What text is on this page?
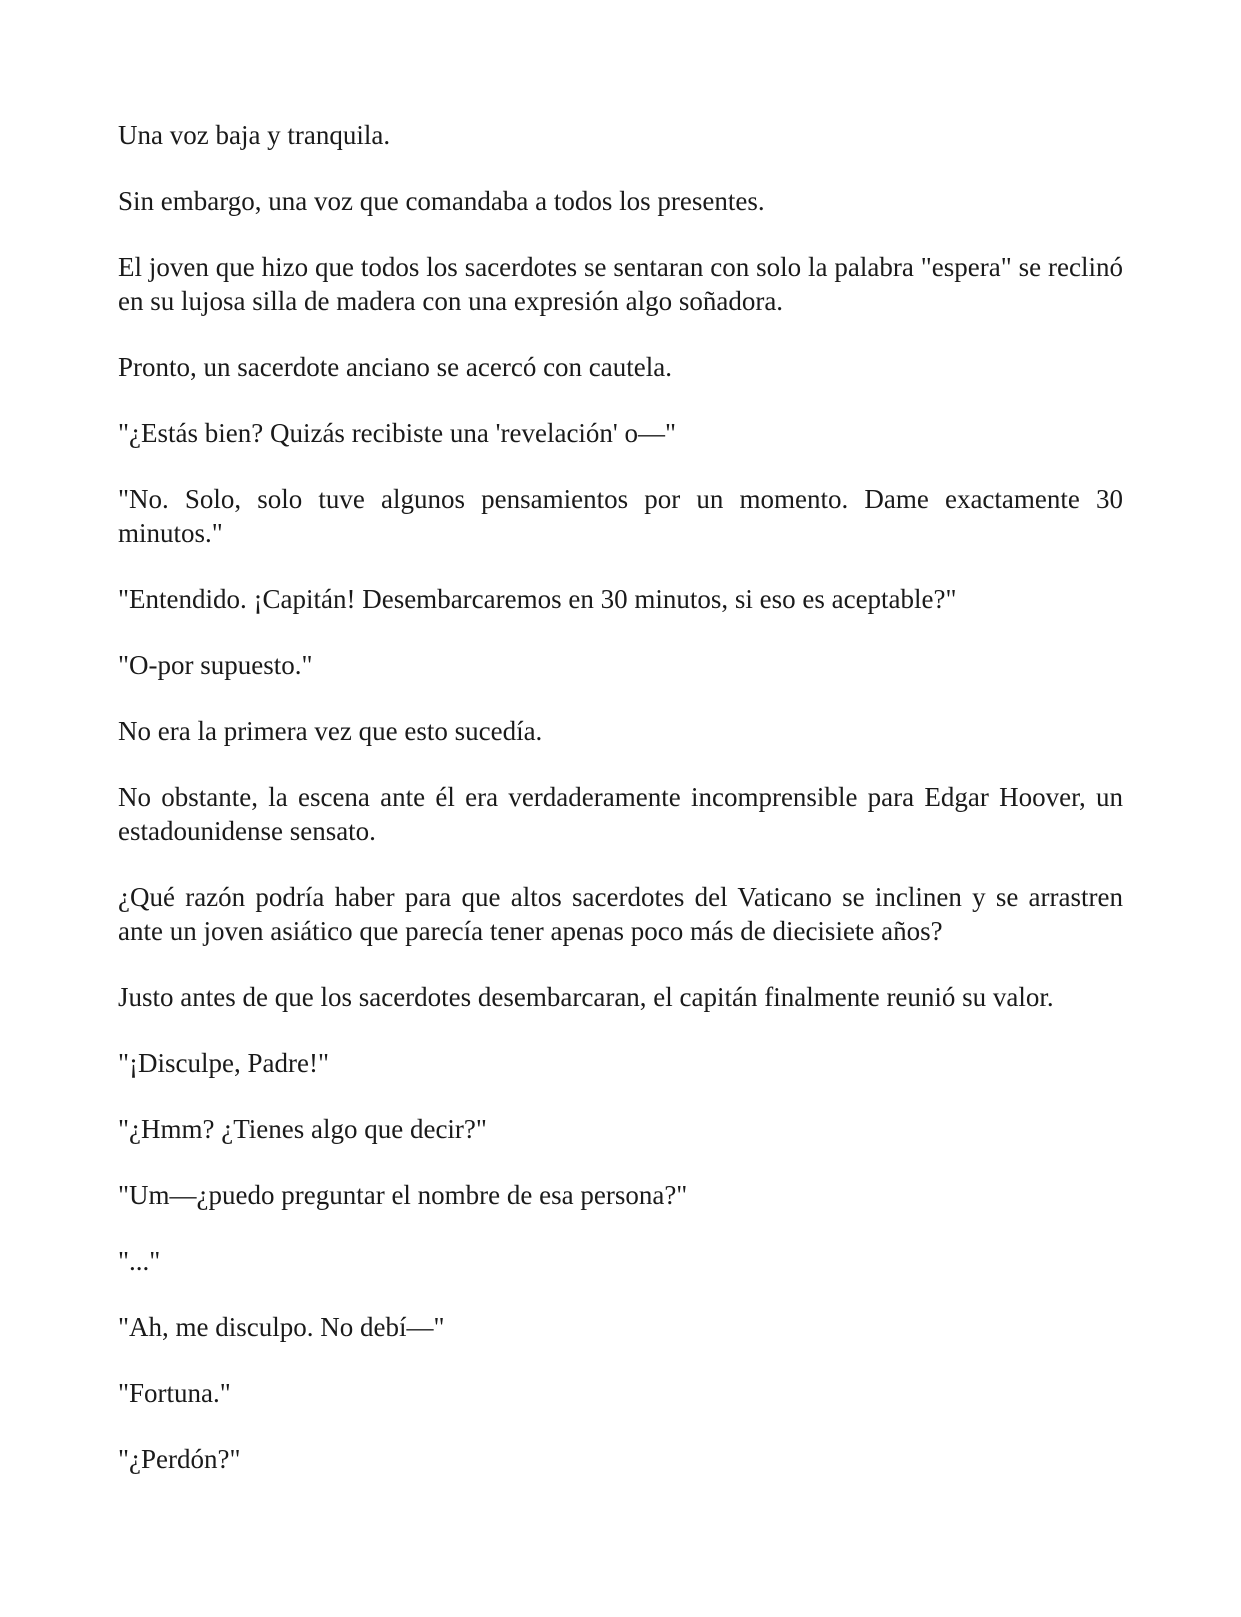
Una voz baja y tranquila.

Sin embargo, una voz que comandaba a todos los presentes.

El joven que hizo que todos los sacerdotes se sentaran con solo la palabra "espera" se reclinó en su lujosa silla de madera con una expresión algo soñadora.

Pronto, un sacerdote anciano se acercó con cautela.

"¿Estás bien? Quizás recibiste una 'revelación' o—"

"No. Solo, solo tuve algunos pensamientos por un momento. Dame exactamente 30 minutos."

"Entendido. ¡Capitán! Desembarcaremos en 30 minutos, si eso es aceptable?"

"O-por supuesto."

No era la primera vez que esto sucedía.

No obstante, la escena ante él era verdaderamente incomprensible para Edgar Hoover, un estadounidense sensato.

¿Qué razón podría haber para que altos sacerdotes del Vaticano se inclinen y se arrastren ante un joven asiático que parecía tener apenas poco más de diecisiete años?

Justo antes de que los sacerdotes desembarcaran, el capitán finalmente reunió su valor.

"¡Disculpe, Padre!"

"¿Hmm? ¿Tienes algo que decir?"

"Um—¿puedo preguntar el nombre de esa persona?"

"..."

"Ah, me disculpo. No debí—"

"Fortuna."

"¿Perdón?"
